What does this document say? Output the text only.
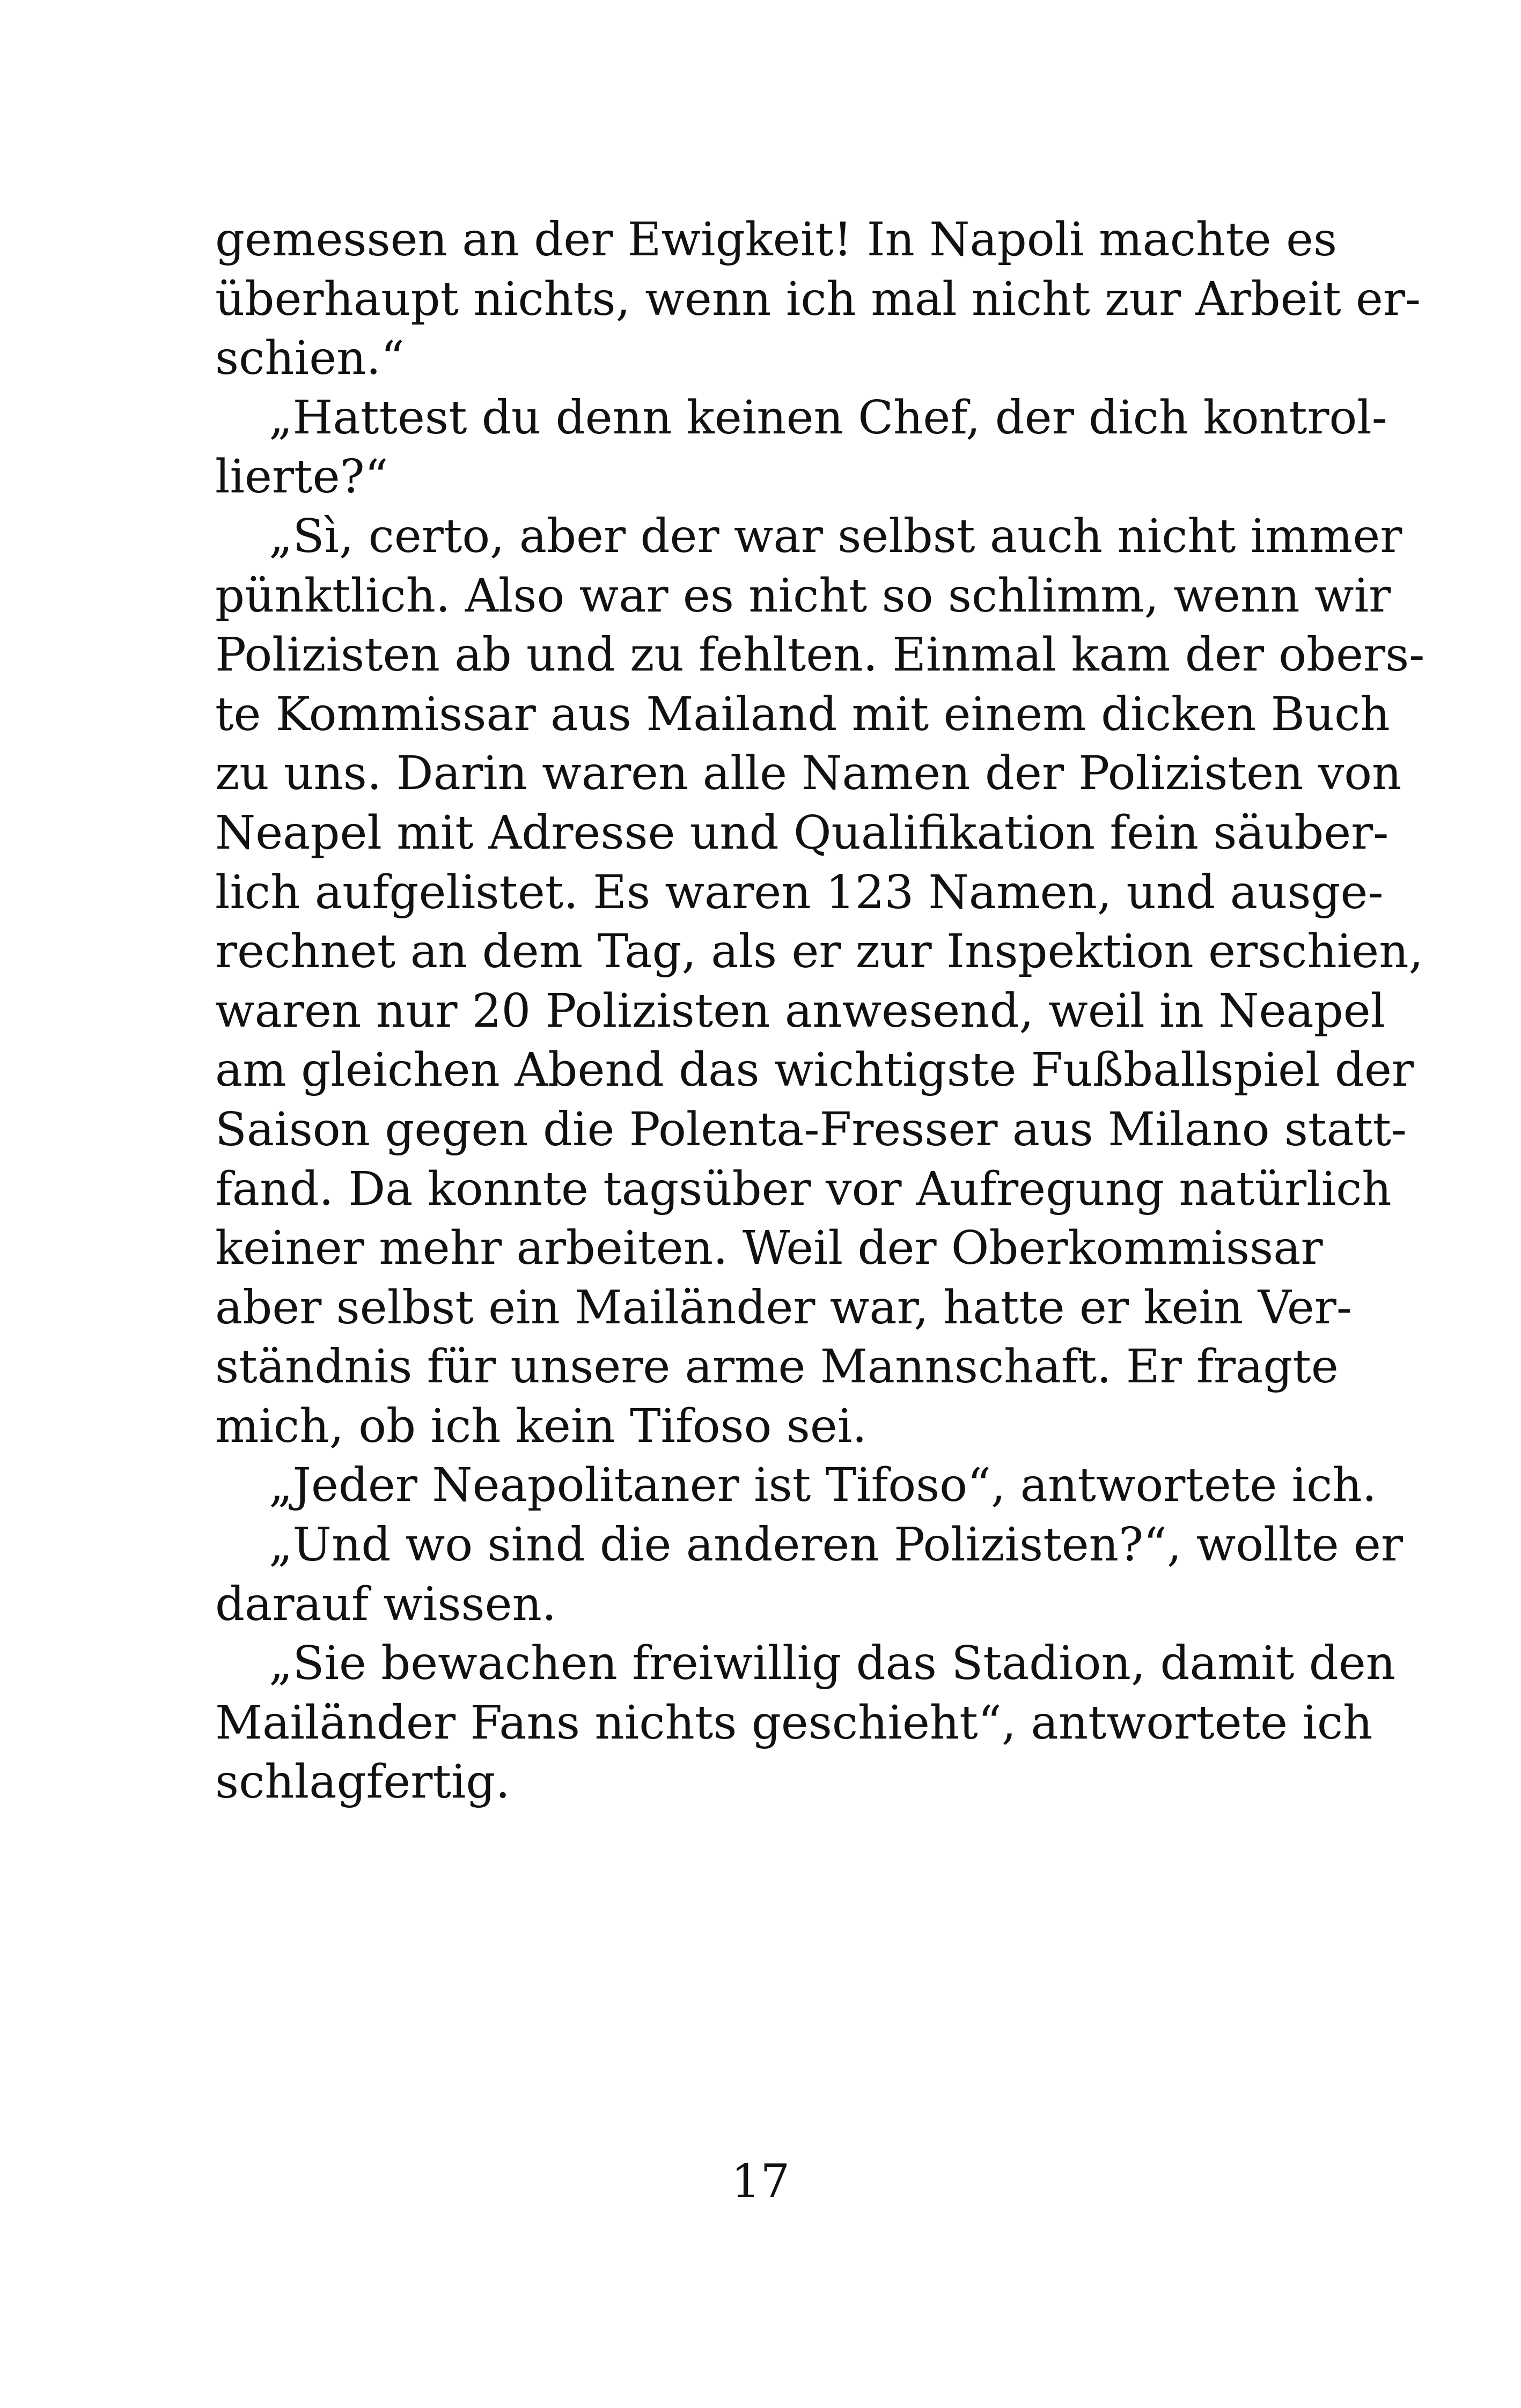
gemessen an der Ewigkeit! In Napoli machte es
überhaupt nichts, wenn ich mal nicht zur Arbeit er-
schien.“
„Hattest du denn keinen Chef, der dich kontrol-
lierte?“
„Sì, certo, aber der war selbst auch nicht immer
pünktlich. Also war es nicht so schlimm, wenn wir
Polizisten ab und zu fehlten. Einmal kam der obers-
te Kommissar aus Mailand mit einem dicken Buch
zu uns. Darin waren alle Namen der Polizisten von
Neapel mit Adresse und Qualifikation fein säuber-
lich aufgelistet. Es waren 123 Namen, und ausge-
rechnet an dem Tag, als er zur Inspektion erschien,
waren nur 20 Polizisten anwesend, weil in Neapel
am gleichen Abend das wichtigste Fußballspiel der
Saison gegen die Polenta-Fresser aus Milano statt-
fand. Da konnte tagsüber vor Aufregung natürlich
keiner mehr arbeiten. Weil der Oberkommissar
aber selbst ein Mailänder war, hatte er kein Ver-
ständnis für unsere arme Mannschaft. Er fragte
mich, ob ich kein Tifoso sei.
„Jeder Neapolitaner ist Tifoso“, antwortete ich.
„Und wo sind die anderen Polizisten?“, wollte er
darauf wissen.
„Sie bewachen freiwillig das Stadion, damit den
Mailänder Fans nichts geschieht“, antwortete ich
schlagfertig.
17
